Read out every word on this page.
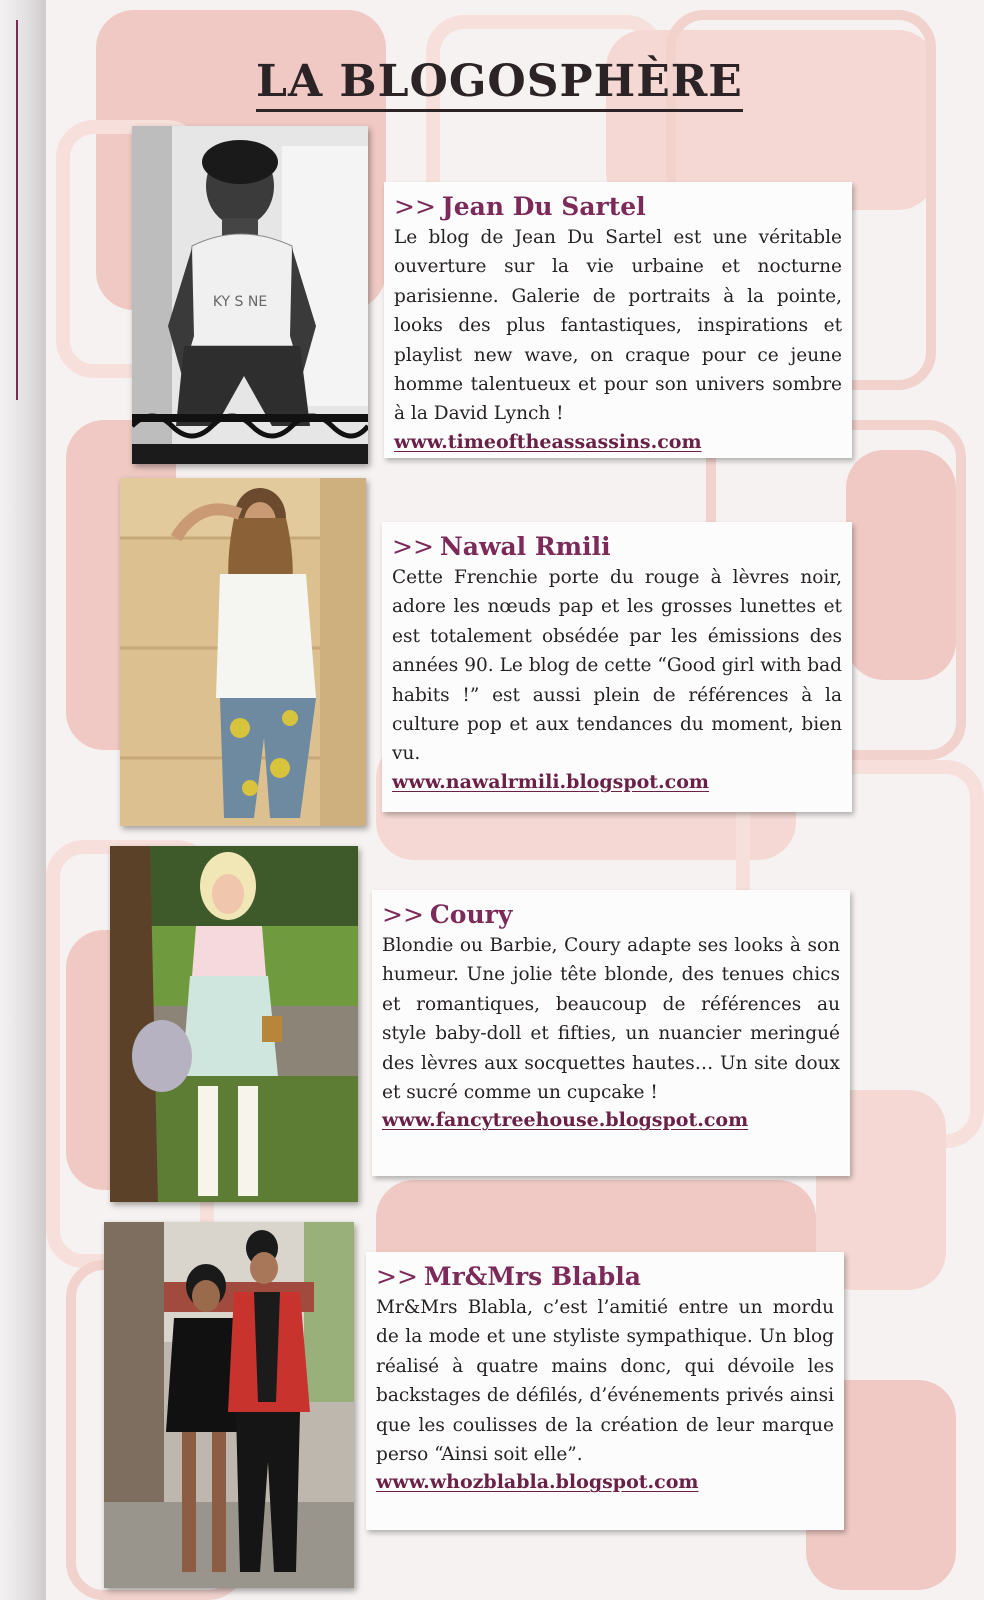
LA BLOGOSPHÈRE
KY S NE
>> Jean Du Sartel

Le blog de Jean Du Sartel est une véritable ouverture sur la vie urbaine et nocturne parisienne. Galerie de portraits à la pointe, looks des plus fantastiques, inspirations et playlist new wave, on craque pour ce jeune homme talentueux et pour son univers sombre à la David Lynch !

www.timeoftheassassins.com
>> Nawal Rmili

Cette Frenchie porte du rouge à lèvres noir, adore les nœuds pap et les grosses lunettes et est totalement obsédée par les émissions des années 90. Le blog de cette “Good girl with bad habits !” est aussi plein de références à la culture pop et aux tendances du moment, bien vu.

www.nawalrmili.blogspot.com
>> Coury

Blondie ou Barbie, Coury adapte ses looks à son humeur. Une jolie tête blonde, des tenues chics et romantiques, beaucoup de références au style baby-doll et fifties, un nuancier meringué des lèvres aux socquettes hautes… Un site doux et sucré comme un cupcake !

www.fancytreehouse.blogspot.com
>> Mr&Mrs Blabla

Mr&Mrs Blabla, c’est l’amitié entre un mordu de la mode et une styliste sympathique. Un blog réalisé à quatre mains donc, qui dévoile les backstages de défilés, d’événements privés ainsi que les coulisses de la création de leur marque perso “Ainsi soit elle”.

www.whozblabla.blogspot.com
